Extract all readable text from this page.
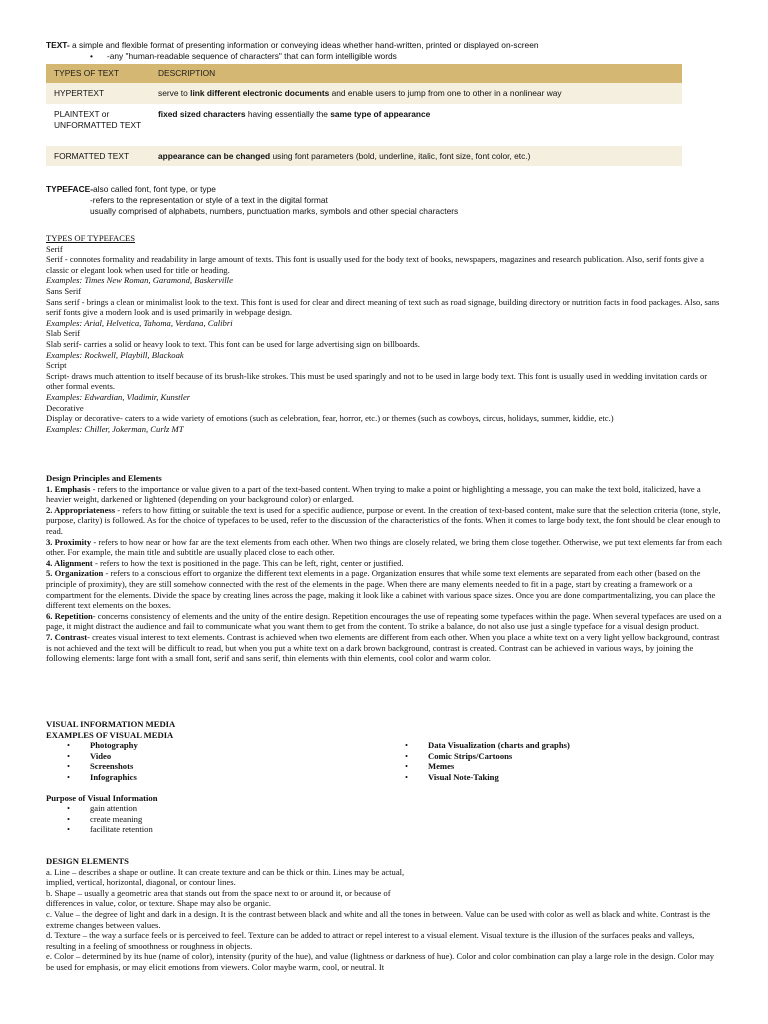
TEXT- a simple and flexible format of presenting information or conveying ideas whether hand-written, printed or displayed on-screen
• -any "human-readable sequence of characters" that can form intelligible words
TYPES OF TEXT	DESCRIPTION
HYPERTEXT	serve to link different electronic documents and enable users to jump from one to other in a nonlinear way
PLAINTEXT or UNFORMATTED TEXT	fixed sized characters having essentially the same type of appearance
FORMATTED TEXT	appearance can be changed using font parameters (bold, underline, italic, font size, font color, etc.)
TYPEFACE-also called font, font type, or type
-refers to the representation or style of a text in the digital format
usually comprised of alphabets, numbers, punctuation marks, symbols and other special characters
TYPES OF TYPEFACES

Serif

Serif - connotes formality and readability in large amount of texts. This font is usually used for the body text of books, newspapers, magazines and research publication. Also, serif fonts give a classic or elegant look when used for title or heading.

Examples: Times New Roman, Garamond, Baskerville

Sans Serif

Sans serif - brings a clean or minimalist look to the text. This font is used for clear and direct meaning of text such as road signage, building directory or nutrition facts in food packages. Also, sans serif fonts give a modern look and is used primarily in webpage design.

Examples: Arial, Helvetica, Tahoma, Verdana, Calibri

Slab Serif

Slab serif- carries a solid or heavy look to text. This font can be used for large advertising sign on billboards.

Examples: Rockwell, Playbill, Blackoak

Script

Script- draws much attention to itself because of its brush-like strokes. This must be used sparingly and not to be used in large body text. This font is usually used in wedding invitation cards or other formal events.

Examples: Edwardian, Vladimir, Kunstler

Decorative

Display or decorative- caters to a wide variety of emotions (such as celebration, fear, horror, etc.) or themes (such as cowboys, circus, holidays, summer, kiddie, etc.)

Examples: Chiller, Jokerman, Curlz MT

Design Principles and Elements

1. Emphasis - refers to the importance or value given to a part of the text-based content. When trying to make a point or highlighting a message, you can make the text bold, italicized, have a heavier weight, darkened or lightened (depending on your background color) or enlarged.

2. Appropriateness - refers to how fitting or suitable the text is used for a specific audience, purpose or event. In the creation of text-based content, make sure that the selection criteria (tone, style, purpose, clarity) is followed. As for the choice of typefaces to be used, refer to the discussion of the characteristics of the fonts. When it comes to large body text, the font should be clear enough to read.

3. Proximity - refers to how near or how far are the text elements from each other. When two things are closely related, we bring them close together. Otherwise, we put text elements far from each other. For example, the main title and subtitle are usually placed close to each other.

4. Alignment - refers to how the text is positioned in the page. This can be left, right, center or justified.

5. Organization - refers to a conscious effort to organize the different text elements in a page. Organization ensures that while some text elements are separated from each other (based on the principle of proximity), they are still somehow connected with the rest of the elements in the page. When there are many elements needed to fit in a page, start by creating a framework or a compartment for the elements. Divide the space by creating lines across the page, making it look like a cabinet with various space sizes. Once you are done compartmentalizing, you can place the different text elements on the boxes.

6. Repetition- concerns consistency of elements and the unity of the entire design. Repetition encourages the use of repeating some typefaces within the page. When several typefaces are used on a page, it might distract the audience and fail to communicate what you want them to get from the content. To strike a balance, do not also use just a single typeface for a visual design product.

7. Contrast- creates visual interest to text elements. Contrast is achieved when two elements are different from each other. When you place a white text on a very light yellow background, contrast is not achieved and the text will be difficult to read, but when you put a white text on a dark brown background, contrast is created. Contrast can be achieved in various ways, by joining the following elements: large font with a small font, serif and sans serif, thin elements with thin elements, cool color and warm color.

VISUAL INFORMATION MEDIA

EXAMPLES OF VISUAL MEDIA

• Photography
• Video
• Screenshots
• Infographics
• Data Visualization (charts and graphs)
• Comic Strips/Cartoons
• Memes
• Visual Note-Taking

Purpose of Visual Information

• gain attention
• create meaning
• facilitate retention

DESIGN ELEMENTS

a. Line – describes a shape or outline. It can create texture and can be thick or thin. Lines may be actual,

implied, vertical, horizontal, diagonal, or contour lines.

b. Shape – usually a geometric area that stands out from the space next to or around it, or because of

differences in value, color, or texture. Shape may also be organic.

c. Value – the degree of light and dark in a design. It is the contrast between black and white and all the tones in between. Value can be used with color as well as black and white. Contrast is the extreme changes between values.

d. Texture – the way a surface feels or is perceived to feel. Texture can be added to attract or repel interest to a visual element. Visual texture is the illusion of the surfaces peaks and valleys, resulting in a feeling of smoothness or roughness in objects.

e. Color – determined by its hue (name of color), intensity (purity of the hue), and value (lightness or darkness of hue). Color and color combination can play a large role in the design. Color may be used for emphasis, or may elicit emotions from viewers. Color maybe warm, cool, or neutral. It
